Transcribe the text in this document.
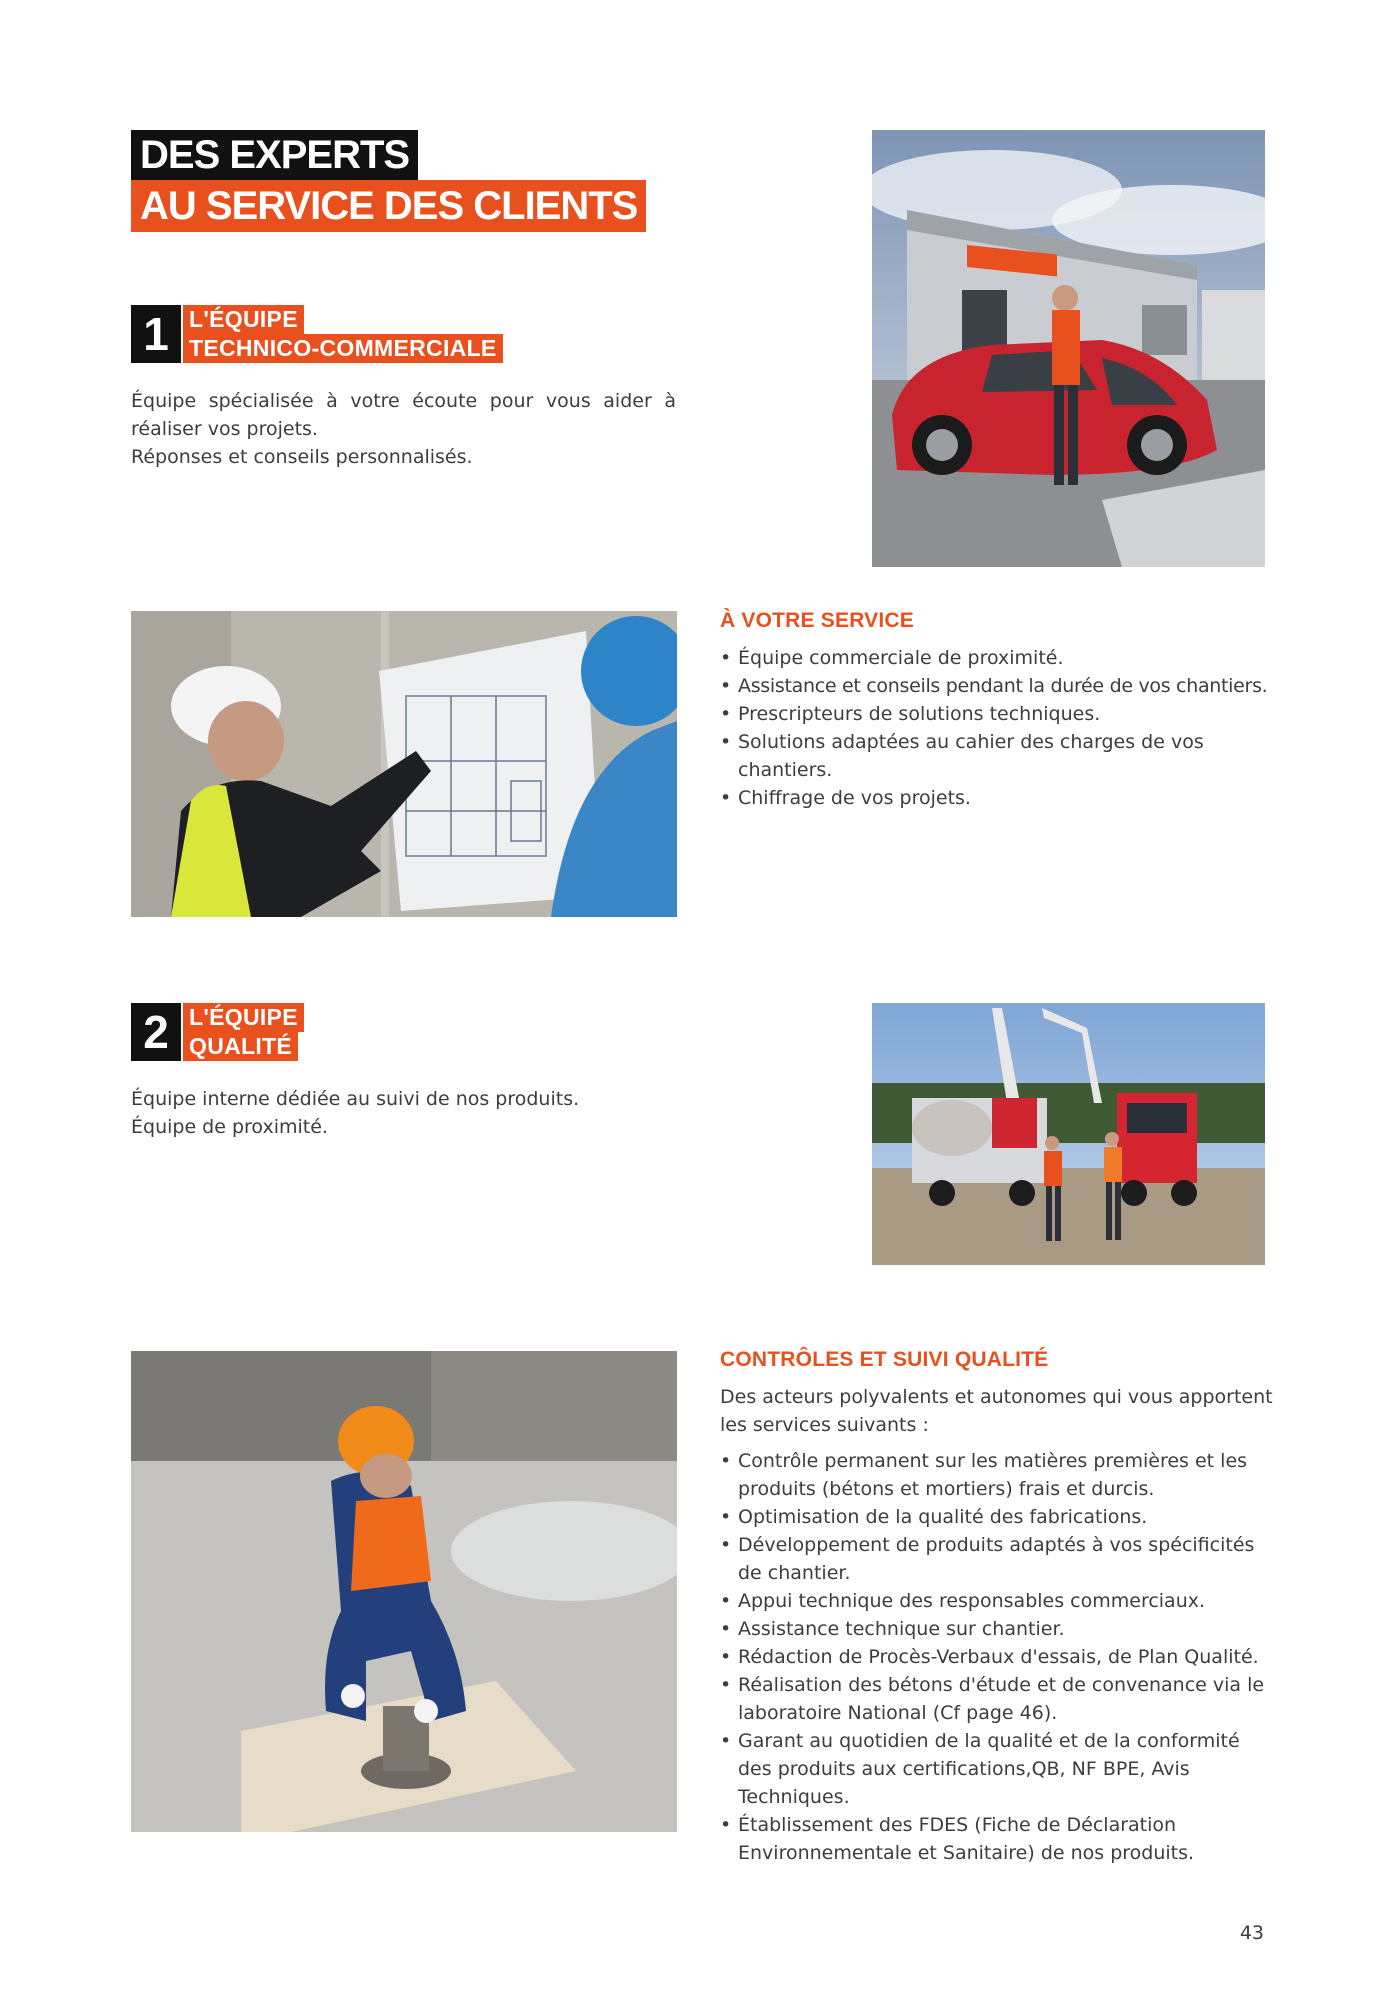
DES EXPERTS
AU SERVICE DES CLIENTS
1 L'ÉQUIPE
TECHNICO-COMMERCIALE
Équipe spécialisée à votre écoute pour vous aider à réaliser vos projets.
Réponses et conseils personnalisés.
À VOTRE SERVICE
• Équipe commerciale de proximité.
• Assistance et conseils pendant la durée de vos chantiers.
• Prescripteurs de solutions techniques.
• Solutions adaptées au cahier des charges de vos chantiers.
• Chiffrage de vos projets.
2 L'ÉQUIPE
QUALITÉ
Équipe interne dédiée au suivi de nos produits.
Équipe de proximité.
CONTRÔLES ET SUIVI QUALITÉ
Des acteurs polyvalents et autonomes qui vous apportent les services suivants :
• Contrôle permanent sur les matières premières et les produits (bétons et mortiers) frais et durcis.
• Optimisation de la qualité des fabrications.
• Développement de produits adaptés à vos spécificités de chantier.
• Appui technique des responsables commerciaux.
• Assistance technique sur chantier.
• Rédaction de Procès-Verbaux d'essais, de Plan Qualité.
• Réalisation des bétons d'étude et de convenance via le laboratoire National (Cf page 46).
• Garant au quotidien de la qualité et de la conformité des produits aux certifications,QB, NF BPE, Avis Techniques.
• Établissement des FDES (Fiche de Déclaration Environnementale et Sanitaire) de nos produits.
43
